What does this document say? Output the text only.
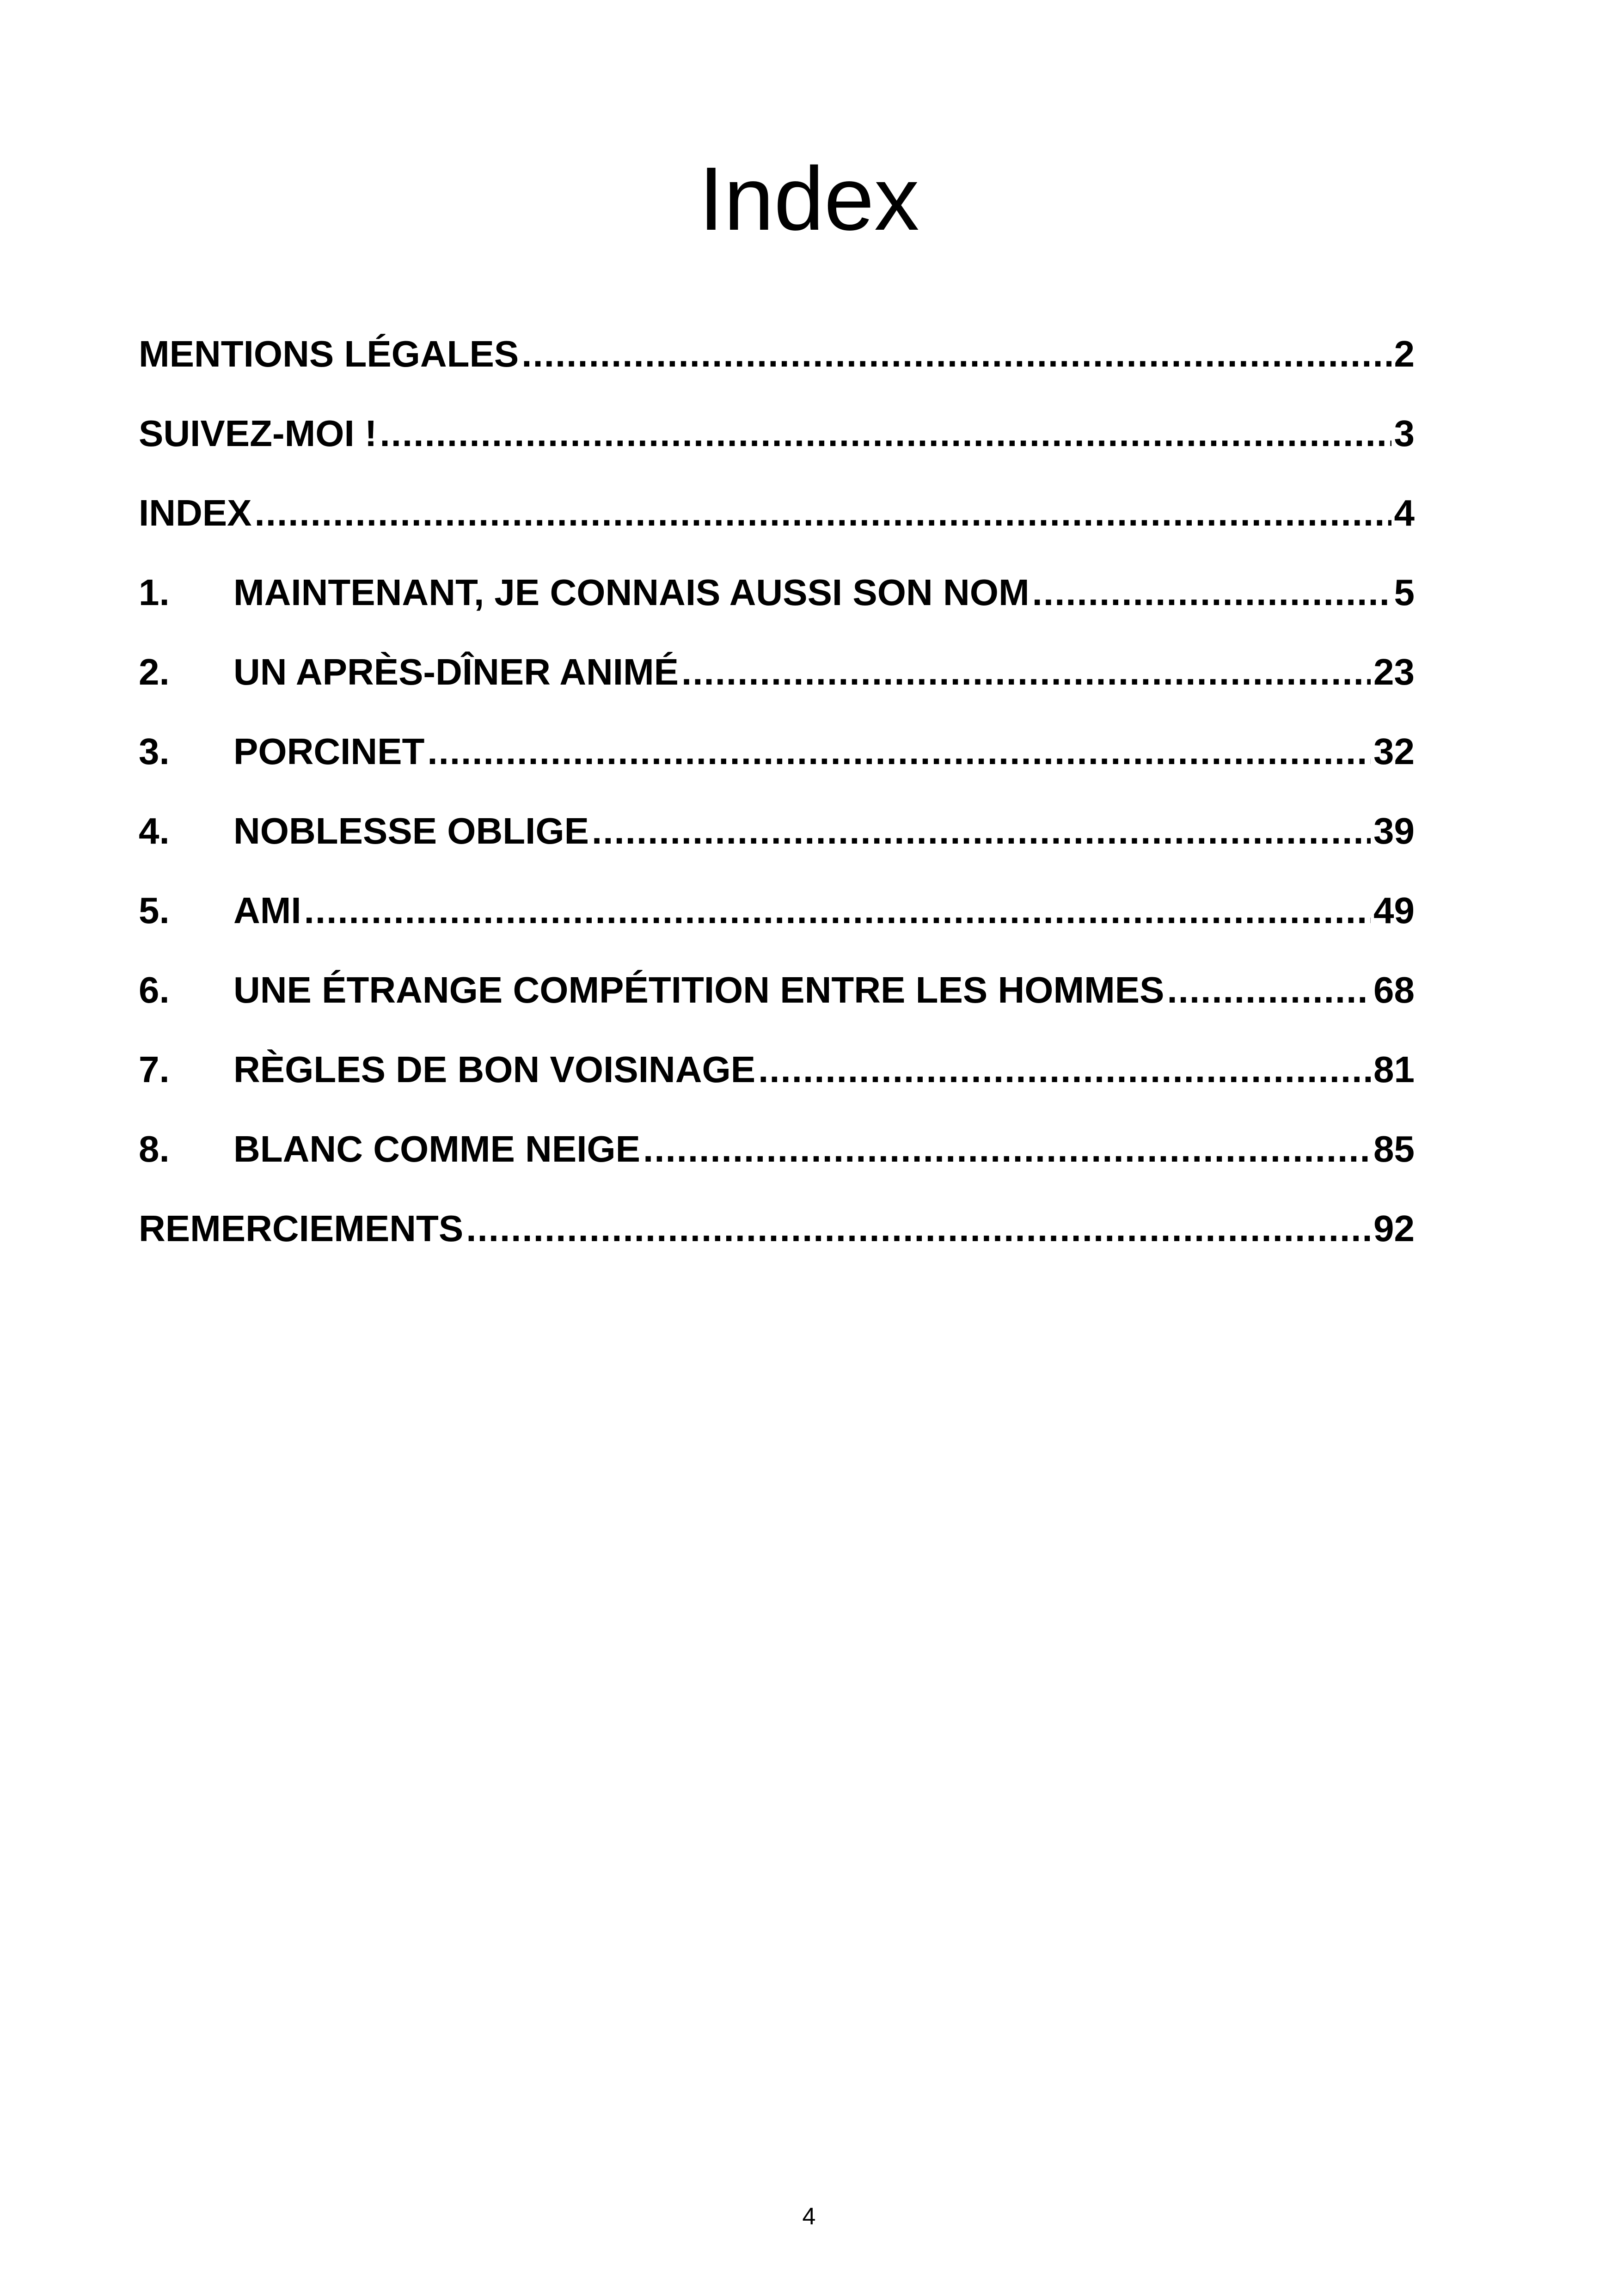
Index
MENTIONS LÉGALES .....	2
SUIVEZ-MOI ! .....	3
INDEX .....	4
1.	MAINTENANT, JE CONNAIS AUSSI SON NOM .....	5
2.	UN APRÈS-DÎNER ANIMÉ .....	23
3.	PORCINET .....	32
4.	NOBLESSE OBLIGE .....	39
5.	AMI .....	49
6.	UNE ÉTRANGE COMPÉTITION ENTRE LES HOMMES .....	68
7.	RÈGLES DE BON VOISINAGE .....	81
8.	BLANC COMME NEIGE .....	85
REMERCIEMENTS .....	92
4
